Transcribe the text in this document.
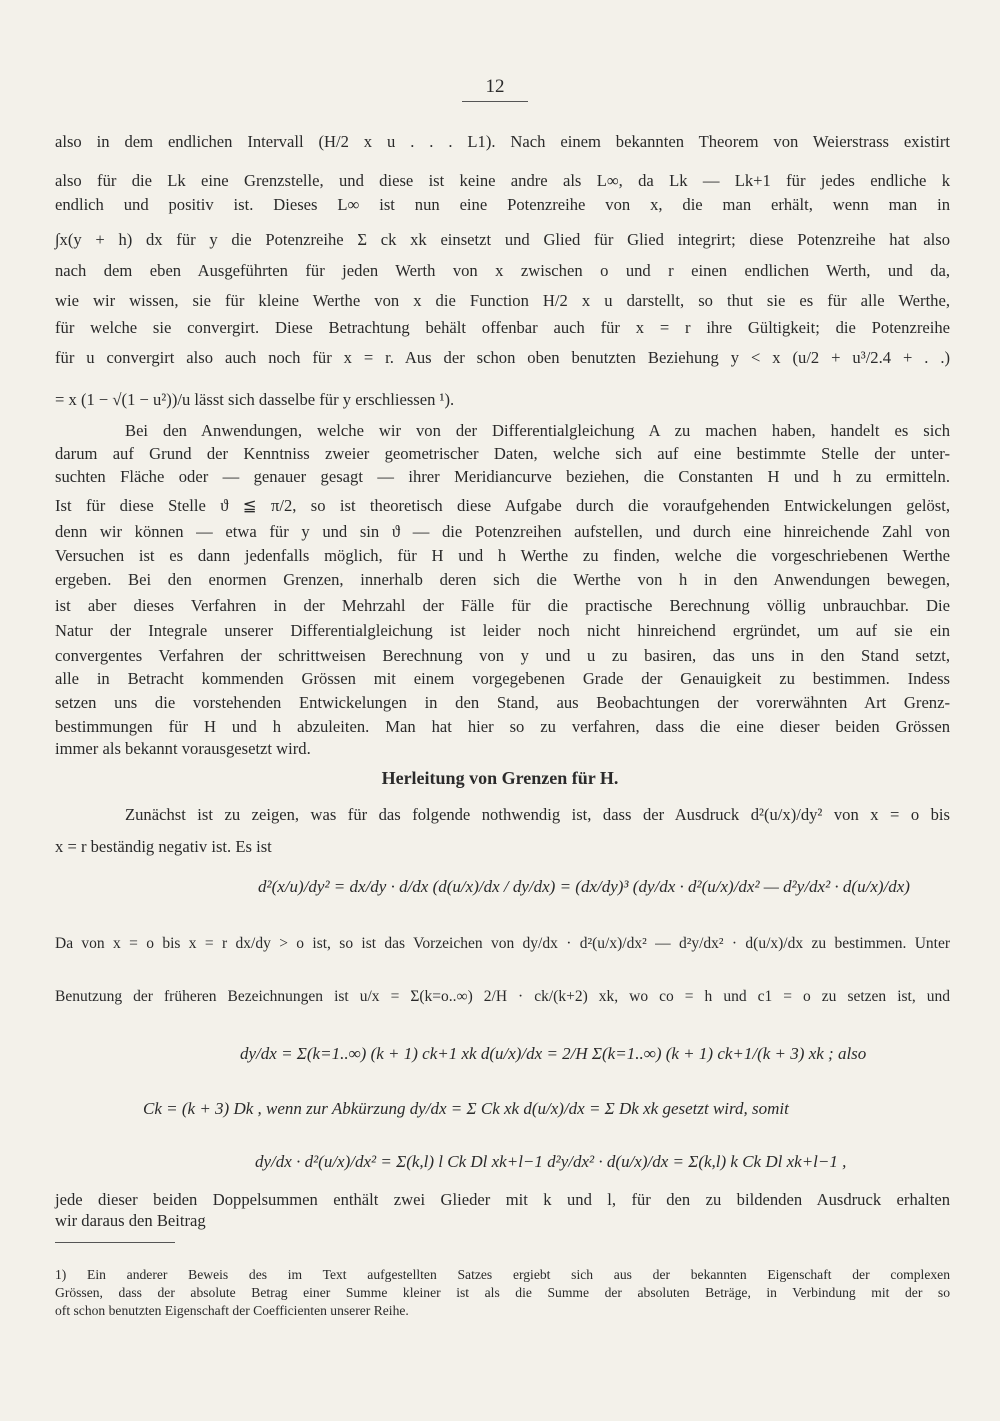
12
also in dem endlichen Intervall (H/2 x u . . . L1). Nach einem bekannten Theorem von Weierstrass existirt
also für die Lk eine Grenzstelle, und diese ist keine andre als L∞, da Lk — Lk+1 für jedes endliche k
endlich und positiv ist. Dieses L∞ ist nun eine Potenzreihe von x, die man erhält, wenn man in
∫x(y + h) dx für y die Potenzreihe Σ ck xk einsetzt und Glied für Glied integrirt; diese Potenzreihe hat also
nach dem eben Ausgeführten für jeden Werth von x zwischen o und r einen endlichen Werth, und da,
wie wir wissen, sie für kleine Werthe von x die Function H/2 x u darstellt, so thut sie es für alle Werthe,
für welche sie convergirt. Diese Betrachtung behält offenbar auch für x = r ihre Gültigkeit; die Potenzreihe
für u convergirt also auch noch für x = r. Aus der schon oben benutzten Beziehung y < x (u/2 + u³/2.4 + . .)
= x (1 − √(1 − u²))/u lässt sich dasselbe für y erschliessen ¹).
Bei den Anwendungen, welche wir von der Differentialgleichung A zu machen haben, handelt es sich
darum auf Grund der Kenntniss zweier geometrischer Daten, welche sich auf eine bestimmte Stelle der unter-
suchten Fläche oder — genauer gesagt — ihrer Meridiancurve beziehen, die Constanten H und h zu ermitteln.
Ist für diese Stelle ϑ ≦ π/2, so ist theoretisch diese Aufgabe durch die voraufgehenden Entwickelungen gelöst,
denn wir können — etwa für y und sin ϑ — die Potenzreihen aufstellen, und durch eine hinreichende Zahl von
Versuchen ist es dann jedenfalls möglich, für H und h Werthe zu finden, welche die vorgeschriebenen Werthe
ergeben. Bei den enormen Grenzen, innerhalb deren sich die Werthe von h in den Anwendungen bewegen,
ist aber dieses Verfahren in der Mehrzahl der Fälle für die practische Berechnung völlig unbrauchbar. Die
Natur der Integrale unserer Differentialgleichung ist leider noch nicht hinreichend ergründet, um auf sie ein
convergentes Verfahren der schrittweisen Berechnung von y und u zu basiren, das uns in den Stand setzt,
alle in Betracht kommenden Grössen mit einem vorgegebenen Grade der Genauigkeit zu bestimmen. Indess
setzen uns die vorstehenden Entwickelungen in den Stand, aus Beobachtungen der vorerwähnten Art Grenz-
bestimmungen für H und h abzuleiten. Man hat hier so zu verfahren, dass die eine dieser beiden Grössen
immer als bekannt vorausgesetzt wird.
Herleitung von Grenzen für H.
Zunächst ist zu zeigen, was für das folgende nothwendig ist, dass der Ausdruck d²(u/x)/dy² von x = o bis
x = r beständig negativ ist. Es ist
d²(x/u)/dy² = dx/dy · d/dx (d(u/x)/dx / dy/dx) = (dx/dy)³ (dy/dx · d²(u/x)/dx² — d²y/dx² · d(u/x)/dx)
Da von x = o bis x = r dx/dy > o ist, so ist das Vorzeichen von dy/dx · d²(u/x)/dx² — d²y/dx² · d(u/x)/dx zu bestimmen. Unter
Benutzung der früheren Bezeichnungen ist u/x = Σ(k=o..∞) 2/H · ck/(k+2) xk, wo co = h und c1 = o zu setzen ist, und
dy/dx = Σ(k=1..∞) (k + 1) ck+1 xk d(u/x)/dx = 2/H Σ(k=1..∞) (k + 1) ck+1/(k + 3) xk ; also
Ck = (k + 3) Dk , wenn zur Abkürzung dy/dx = Σ Ck xk d(u/x)/dx = Σ Dk xk gesetzt wird, somit
dy/dx · d²(u/x)/dx² = Σ(k,l) l Ck Dl xk+l−1 d²y/dx² · d(u/x)/dx = Σ(k,l) k Ck Dl xk+l−1 ,
jede dieser beiden Doppelsummen enthält zwei Glieder mit k und l, für den zu bildenden Ausdruck erhalten
wir daraus den Beitrag
1) Ein anderer Beweis des im Text aufgestellten Satzes ergiebt sich aus der bekannten Eigenschaft der complexen
Grössen, dass der absolute Betrag einer Summe kleiner ist als die Summe der absoluten Beträge, in Verbindung mit der so
oft schon benutzten Eigenschaft der Coefficienten unserer Reihe.
